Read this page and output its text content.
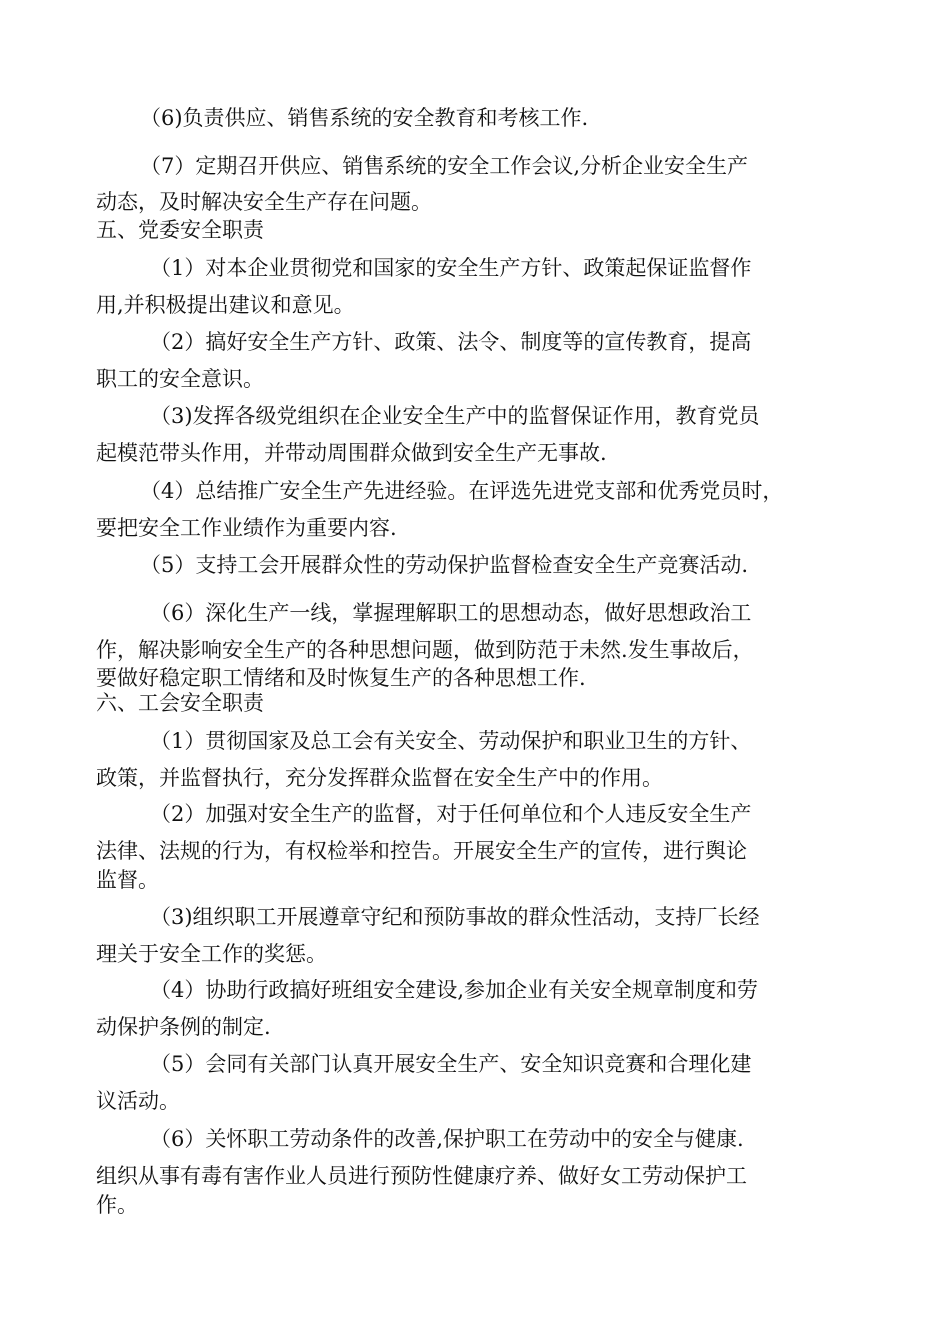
（6)负责供应、销售系统的安全教育和考核工作.
（7）定期召开供应、销售系统的安全工作会议,分析企业安全生产
动态，及时解决安全生产存在问题。
五、党委安全职责
（1）对本企业贯彻党和国家的安全生产方针、政策起保证监督作
用,并积极提出建议和意见。
（2）搞好安全生产方针、政策、法令、制度等的宣传教育，提高
职工的安全意识。
（3)发挥各级党组织在企业安全生产中的监督保证作用，教育党员
起模范带头作用，并带动周围群众做到安全生产无事故.
（4）总结推广安全生产先进经验。在评选先进党支部和优秀党员时，
要把安全工作业绩作为重要内容.
（5）支持工会开展群众性的劳动保护监督检查安全生产竞赛活动.
（6）深化生产一线，掌握理解职工的思想动态，做好思想政治工
作，解决影响安全生产的各种思想问题，做到防范于未然.发生事故后，
要做好稳定职工情绪和及时恢复生产的各种思想工作.
六、工会安全职责
（1）贯彻国家及总工会有关安全、劳动保护和职业卫生的方针、
政策，并监督执行，充分发挥群众监督在安全生产中的作用。
（2）加强对安全生产的监督，对于任何单位和个人违反安全生产
法律、法规的行为，有权检举和控告。开展安全生产的宣传，进行舆论
监督。
（3)组织职工开展遵章守纪和预防事故的群众性活动，支持厂长经
理关于安全工作的奖惩。
（4）协助行政搞好班组安全建设,参加企业有关安全规章制度和劳
动保护条例的制定.
（5）会同有关部门认真开展安全生产、安全知识竞赛和合理化建
议活动。
（6）关怀职工劳动条件的改善,保护职工在劳动中的安全与健康.
组织从事有毒有害作业人员进行预防性健康疗养、做好女工劳动保护工
作。
